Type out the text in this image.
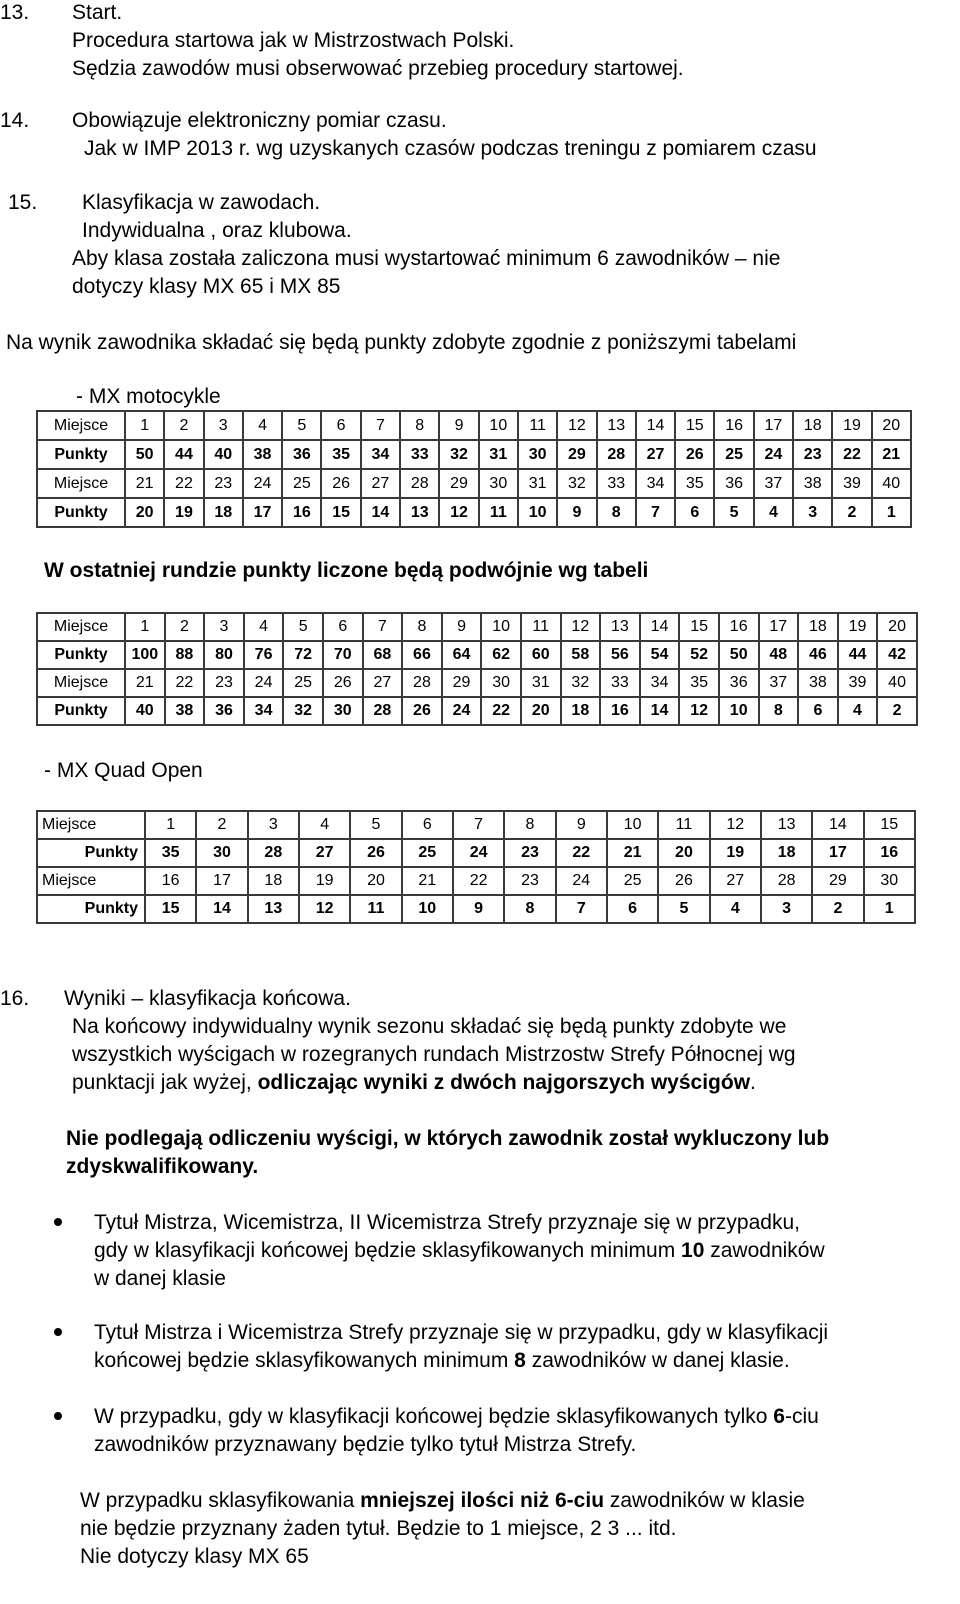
13. Start.
Procedura startowa jak w Mistrzostwach Polski.
Sędzia zawodów musi obserwować przebieg procedury startowej.
14. Obowiązuje elektroniczny pomiar czasu.
Jak w IMP 2013 r. wg uzyskanych czasów podczas treningu z pomiarem czasu
15. Klasyfikacja w zawodach.
Indywidualna , oraz klubowa.
Aby klasa została zaliczona musi wystartować minimum 6 zawodników – nie
dotyczy klasy MX 65 i MX 85
Na wynik zawodnika składać się będą punkty zdobyte zgodnie z poniższymi tabelami
- MX motocykle
Miejsce	1	2	3	4	5	6	7	8	9	10	11	12	13	14	15	16	17	18	19	20
Punkty	50	44	40	38	36	35	34	33	32	31	30	29	28	27	26	25	24	23	22	21
Miejsce	21	22	23	24	25	26	27	28	29	30	31	32	33	34	35	36	37	38	39	40
Punkty	20	19	18	17	16	15	14	13	12	11	10	9	8	7	6	5	4	3	2	1
W ostatniej rundzie punkty liczone będą podwójnie wg tabeli
Miejsce	1	2	3	4	5	6	7	8	9	10	11	12	13	14	15	16	17	18	19	20
Punkty	100	88	80	76	72	70	68	66	64	62	60	58	56	54	52	50	48	46	44	42
Miejsce	21	22	23	24	25	26	27	28	29	30	31	32	33	34	35	36	37	38	39	40
Punkty	40	38	36	34	32	30	28	26	24	22	20	18	16	14	12	10	8	6	4	2
- MX Quad Open
Miejsce	1	2	3	4	5	6	7	8	9	10	11	12	13	14	15
Punkty	35	30	28	27	26	25	24	23	22	21	20	19	18	17	16
Miejsce	16	17	18	19	20	21	22	23	24	25	26	27	28	29	30
Punkty	15	14	13	12	11	10	9	8	7	6	5	4	3	2	1
16. Wyniki – klasyfikacja końcowa.
Na końcowy indywidualny wynik sezonu składać się będą punkty zdobyte we
wszystkich wyścigach w rozegranych rundach Mistrzostw Strefy Północnej wg
punktacji jak wyżej, odliczając wyniki z dwóch najgorszych wyścigów.
Nie podlegają odliczeniu wyścigi, w których zawodnik został wykluczony lub
zdyskwalifikowany.
Tytuł Mistrza, Wicemistrza, II Wicemistrza Strefy przyznaje się w przypadku,
gdy w klasyfikacji końcowej będzie sklasyfikowanych minimum 10 zawodników
w danej klasie
Tytuł Mistrza i Wicemistrza Strefy przyznaje się w przypadku, gdy w klasyfikacji
końcowej będzie sklasyfikowanych minimum 8 zawodników w danej klasie.
W przypadku, gdy w klasyfikacji końcowej będzie sklasyfikowanych tylko 6-ciu
zawodników przyznawany będzie tylko tytuł Mistrza Strefy.
W przypadku sklasyfikowania mniejszej ilości niż 6-ciu zawodników w klasie
nie będzie przyznany żaden tytuł. Będzie to 1 miejsce, 2 3 ... itd.
Nie dotyczy klasy MX 65
